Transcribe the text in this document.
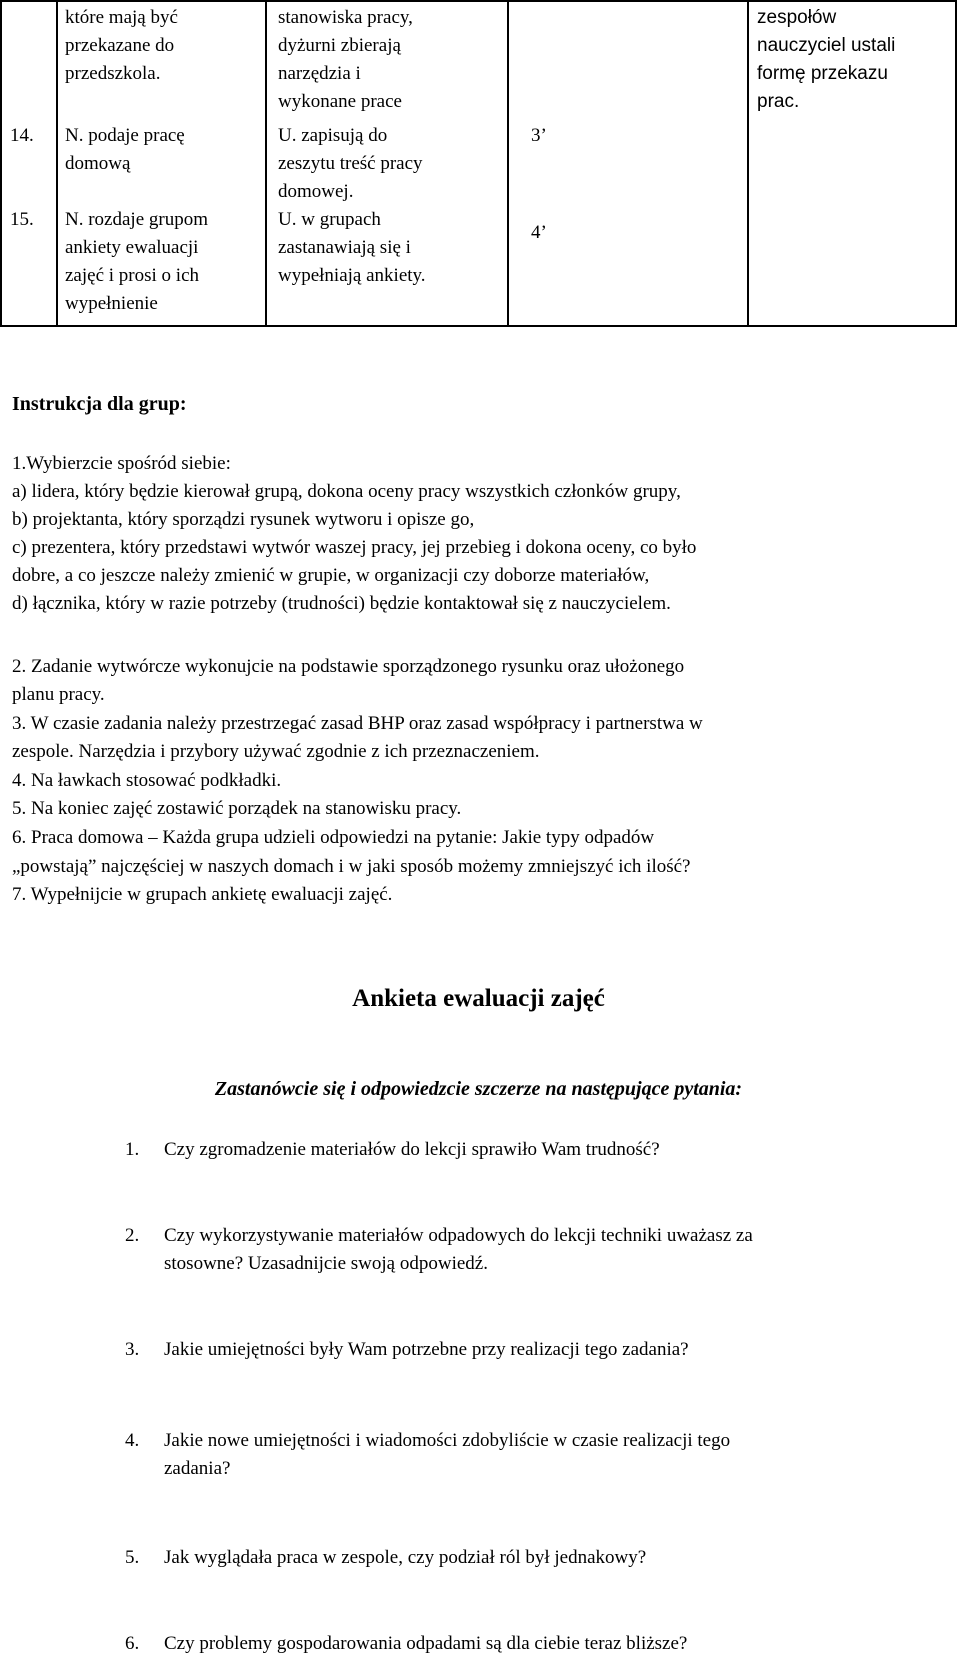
które mają być
przekazane do
przedszkola.
stanowiska pracy,
dyżurni zbierają
narzędzia i
wykonane prace
zespołów
nauczyciel ustali
formę przekazu
prac.
14. N. podaje pracę
domową
U. zapisują do
zeszytu treść pracy
domowej.
3’
15. N. rozdaje grupom
ankiety ewaluacji
zajęć i prosi o ich
wypełnienie
U. w grupach
zastanawiają się i
wypełniają ankiety.
4’
Instrukcja dla grup:
1.Wybierzcie spośród siebie:
a) lidera, który będzie kierował grupą, dokona oceny pracy wszystkich członków grupy,
b) projektanta, który sporządzi rysunek wytworu i opisze go,
c) prezentera, który przedstawi wytwór waszej pracy, jej przebieg i dokona oceny, co było
dobre, a co jeszcze należy zmienić w grupie, w organizacji czy doborze materiałów,
d) łącznika, który w razie potrzeby (trudności) będzie kontaktował się z nauczycielem.
2. Zadanie wytwórcze wykonujcie na podstawie sporządzonego rysunku oraz ułożonego
planu pracy.
3. W czasie zadania należy przestrzegać zasad BHP oraz zasad współpracy i partnerstwa w
zespole. Narzędzia i przybory używać zgodnie z ich przeznaczeniem.
4. Na ławkach stosować podkładki.
5. Na koniec zajęć zostawić porządek na stanowisku pracy.
6. Praca domowa – Każda grupa udzieli odpowiedzi na pytanie: Jakie typy odpadów
„powstają” najczęściej w naszych domach i w jaki sposób możemy zmniejszyć ich ilość?
7. Wypełnijcie w grupach ankietę ewaluacji zajęć.
Ankieta ewaluacji zajęć
Zastanówcie się i odpowiedzcie szczerze na następujące pytania:
1. Czy zgromadzenie materiałów do lekcji sprawiło Wam trudność?
2. Czy wykorzystywanie materiałów odpadowych do lekcji techniki uważasz za
stosowne? Uzasadnijcie swoją odpowiedź.
3. Jakie umiejętności były Wam potrzebne przy realizacji tego zadania?
4. Jakie nowe umiejętności i wiadomości zdobyliście w czasie realizacji tego
zadania?
5. Jak wyglądała praca w zespole, czy podział ról był jednakowy?
6. Czy problemy gospodarowania odpadami są dla ciebie teraz bliższe?
